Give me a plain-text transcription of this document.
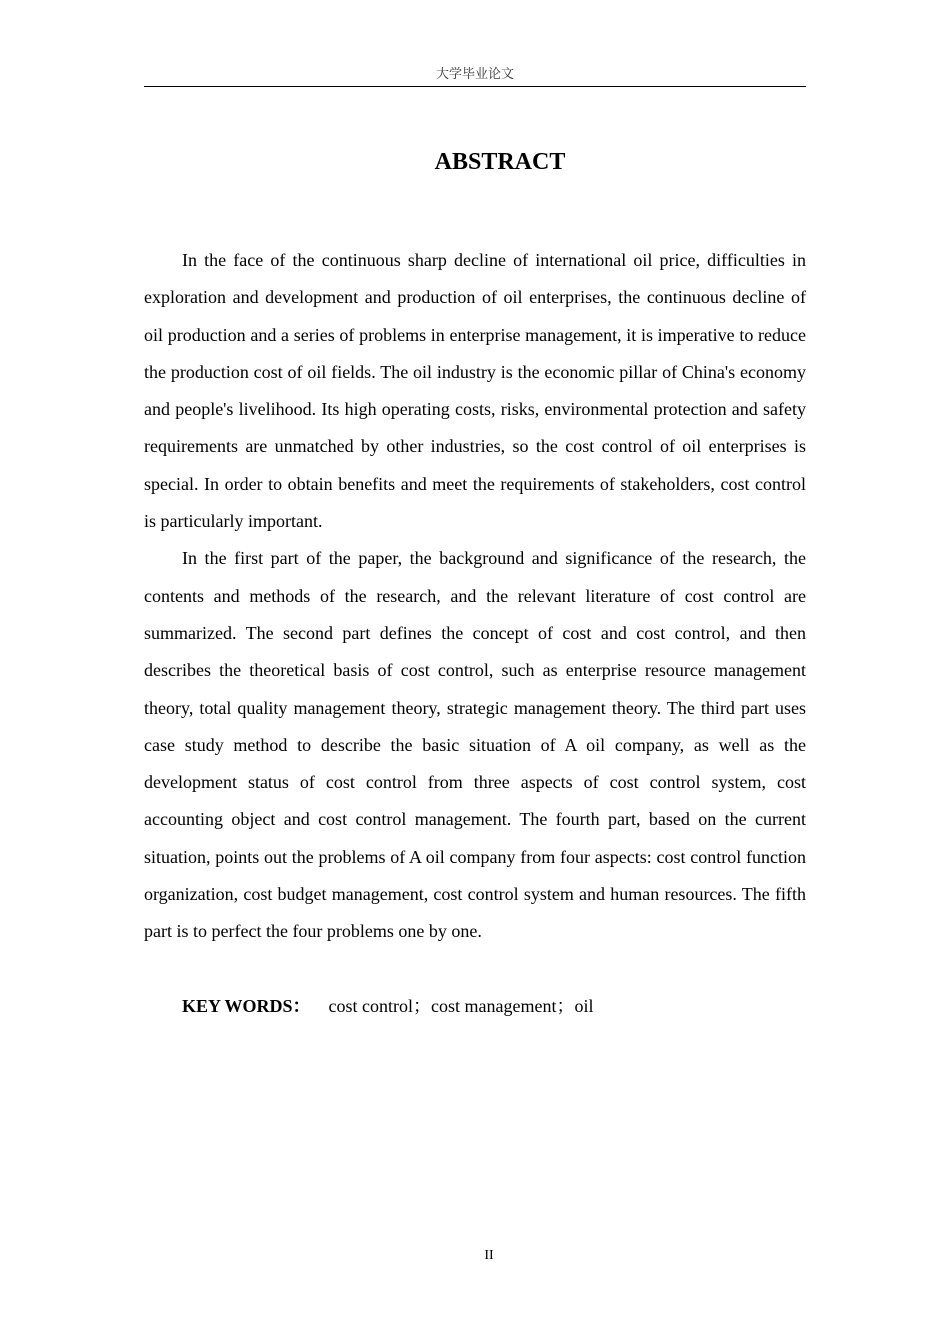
大学毕业论文
ABSTRACT

In the face of the continuous sharp decline of international oil price, difficulties in exploration and development and production of oil enterprises, the continuous decline of oil production and a series of problems in enterprise management, it is imperative to reduce the production cost of oil fields. The oil industry is the economic pillar of China's economy and people's livelihood. Its high operating costs, risks, environmental protection and safety requirements are unmatched by other industries, so the cost control of oil enterprises is special. In order to obtain benefits and meet the requirements of stakeholders, cost control is particularly important.

In the first part of the paper, the background and significance of the research, the contents and methods of the research, and the relevant literature of cost control are summarized. The second part defines the concept of cost and cost control, and then describes the theoretical basis of cost control, such as enterprise resource management theory, total quality management theory, strategic management theory. The third part uses case study method to describe the basic situation of A oil company, as well as the development status of cost control from three aspects of cost control system, cost accounting object and cost control management. The fourth part, based on the current situation, points out the problems of A oil company from four aspects: cost control function organization, cost budget management, cost control system and human resources. The fifth part is to perfect the four problems one by one.

KEY WORDS： cost control；cost management；oil
II
